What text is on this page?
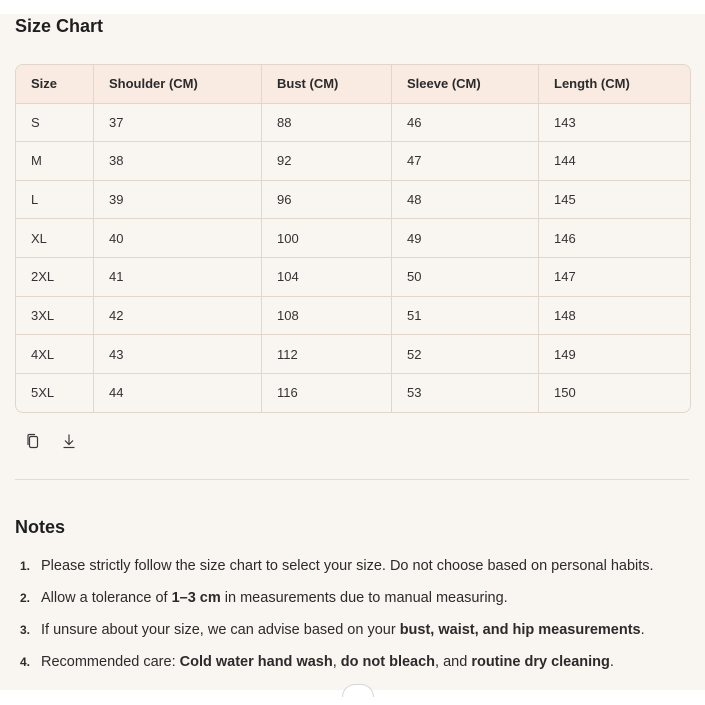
Size Chart
Size	Shoulder (CM)	Bust (CM)	Sleeve (CM)	Length (CM)
S	37	88	46	143
M	38	92	47	144
L	39	96	48	145
XL	40	100	49	146
2XL	41	104	50	147
3XL	42	108	51	148
4XL	43	112	52	149
5XL	44	116	53	150
Notes
1. Please strictly follow the size chart to select your size. Do not choose based on personal habits.
2. Allow a tolerance of 1–3 cm in measurements due to manual measuring.
3. If unsure about your size, we can advise based on your bust, waist, and hip measurements.
4. Recommended care: Cold water hand wash, do not bleach, and routine dry cleaning.
